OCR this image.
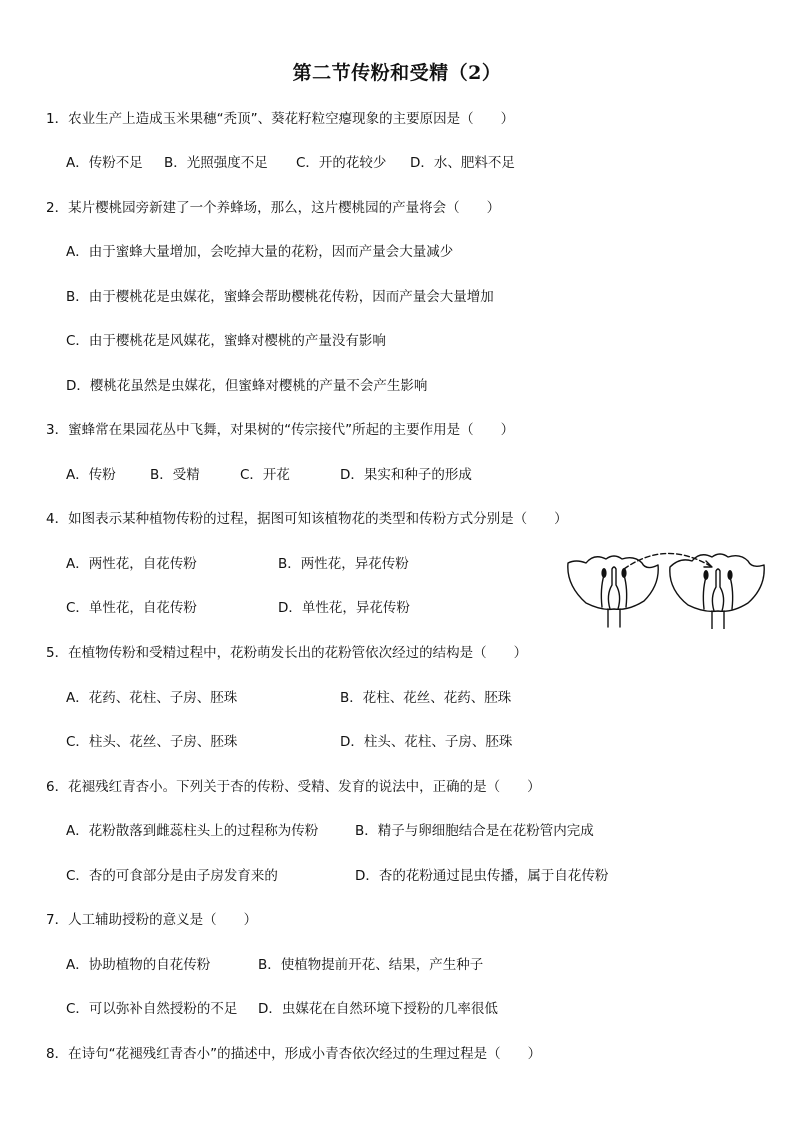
第二节传粉和受精（2）
1．农业生产上造成玉米果穗“秃顶”、葵花籽粒空瘪现象的主要原因是（　　）
A．传粉不足 B．光照强度不足 C．开的花较少 D．水、肥料不足
2．某片樱桃园旁新建了一个养蜂场，那么，这片樱桃园的产量将会（　　）
A．由于蜜蜂大量增加，会吃掉大量的花粉，因而产量会大量减少
B．由于樱桃花是虫媒花，蜜蜂会帮助樱桃花传粉，因而产量会大量增加
C．由于樱桃花是风媒花，蜜蜂对樱桃的产量没有影响
D．樱桃花虽然是虫媒花，但蜜蜂对樱桃的产量不会产生影响
3．蜜蜂常在果园花丛中飞舞，对果树的“传宗接代”所起的主要作用是（　　）
A．传粉	B．受精	C．开花	D．果实和种子的形成
4．如图表示某种植物传粉的过程，据图可知该植物花的类型和传粉方式分别是（　　）
A．两性花，自花传粉	B．两性花，异花传粉
C．单性花，自花传粉	D．单性花，异花传粉
5．在植物传粉和受精过程中，花粉萌发长出的花粉管依次经过的结构是（　　）
A．花药、花柱、子房、胚珠	B．花柱、花丝、花药、胚珠
C．柱头、花丝、子房、胚珠	D．柱头、花柱、子房、胚珠
6．花褪残红青杏小。下列关于杏的传粉、受精、发育的说法中，正确的是（　　）
A．花粉散落到雌蕊柱头上的过程称为传粉	B．精子与卵细胞结合是在花粉管内完成
C．杏的可食部分是由子房发育来的	D．杏的花粉通过昆虫传播，属于自花传粉
7．人工辅助授粉的意义是（　　）
A．协助植物的自花传粉	B．使植物提前开花、结果，产生种子
C．可以弥补自然授粉的不足 D．虫媒花在自然环境下授粉的几率很低
8．在诗句“花褪残红青杏小”的描述中，形成小青杏依次经过的生理过程是（　　）
